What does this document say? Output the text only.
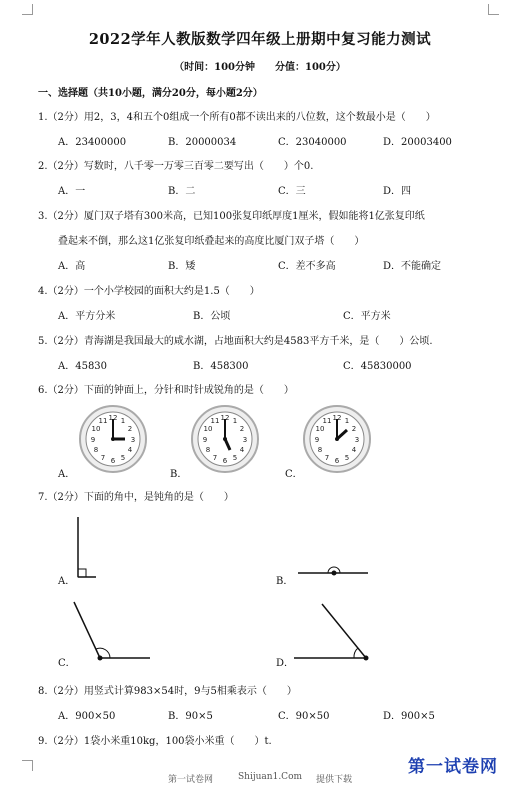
2022学年人教版数学四年级上册期中复习能力测试
（时间：100分钟　　分值：100分）
一、选择题（共10小题，满分20分，每小题2分）
1.（2分）用2，3，4和五个0组成一个所有0都不读出来的八位数，这个数最小是（　　）
A．23400000	B．20000034	C．23040000	D．20003400
2.（2分）写数时，八千零一万零三百零二要写出（　　）个0.
A．一	B．二	C．三	D．四
3.（2分）厦门双子塔有300米高，已知100张复印纸厚度1厘米，假如能将1亿张复印纸
叠起来不倒，那么这1亿张复印纸叠起来的高度比厦门双子塔（　　）
A．高	B．矮	C．差不多高	D．不能确定
4.（2分）一个小学校园的面积大约是1.5（　　）
A．平方分米	B．公顷	C．平方米
5.（2分）青海湖是我国最大的咸水湖，占地面积大约是4583平方千米，是（　　）公顷.
A．45830	B．458300	C．45830000
6.（2分）下面的钟面上，分针和时针成锐角的是（　　）
12 1
2
3
4
5
6
7
8
9
10
11	12 1
2
3
4
5
6
7
8
9
10
11	12 1
2
3
4
5
6
7
8
9
10
11
A．	B．	C．
7.（2分）下面的角中，是钝角的是（　　）
A．	B．
C．	D．
8.（2分）用竖式计算983×54时，9与5相乘表示（　　）
A．900×50	B．90×5	C．90×50	D．900×5
9.（2分）1袋小米重10kg，100袋小米重（　　）t.
第一试卷网	Shijuan1.Com 提供下载
第一试卷网
